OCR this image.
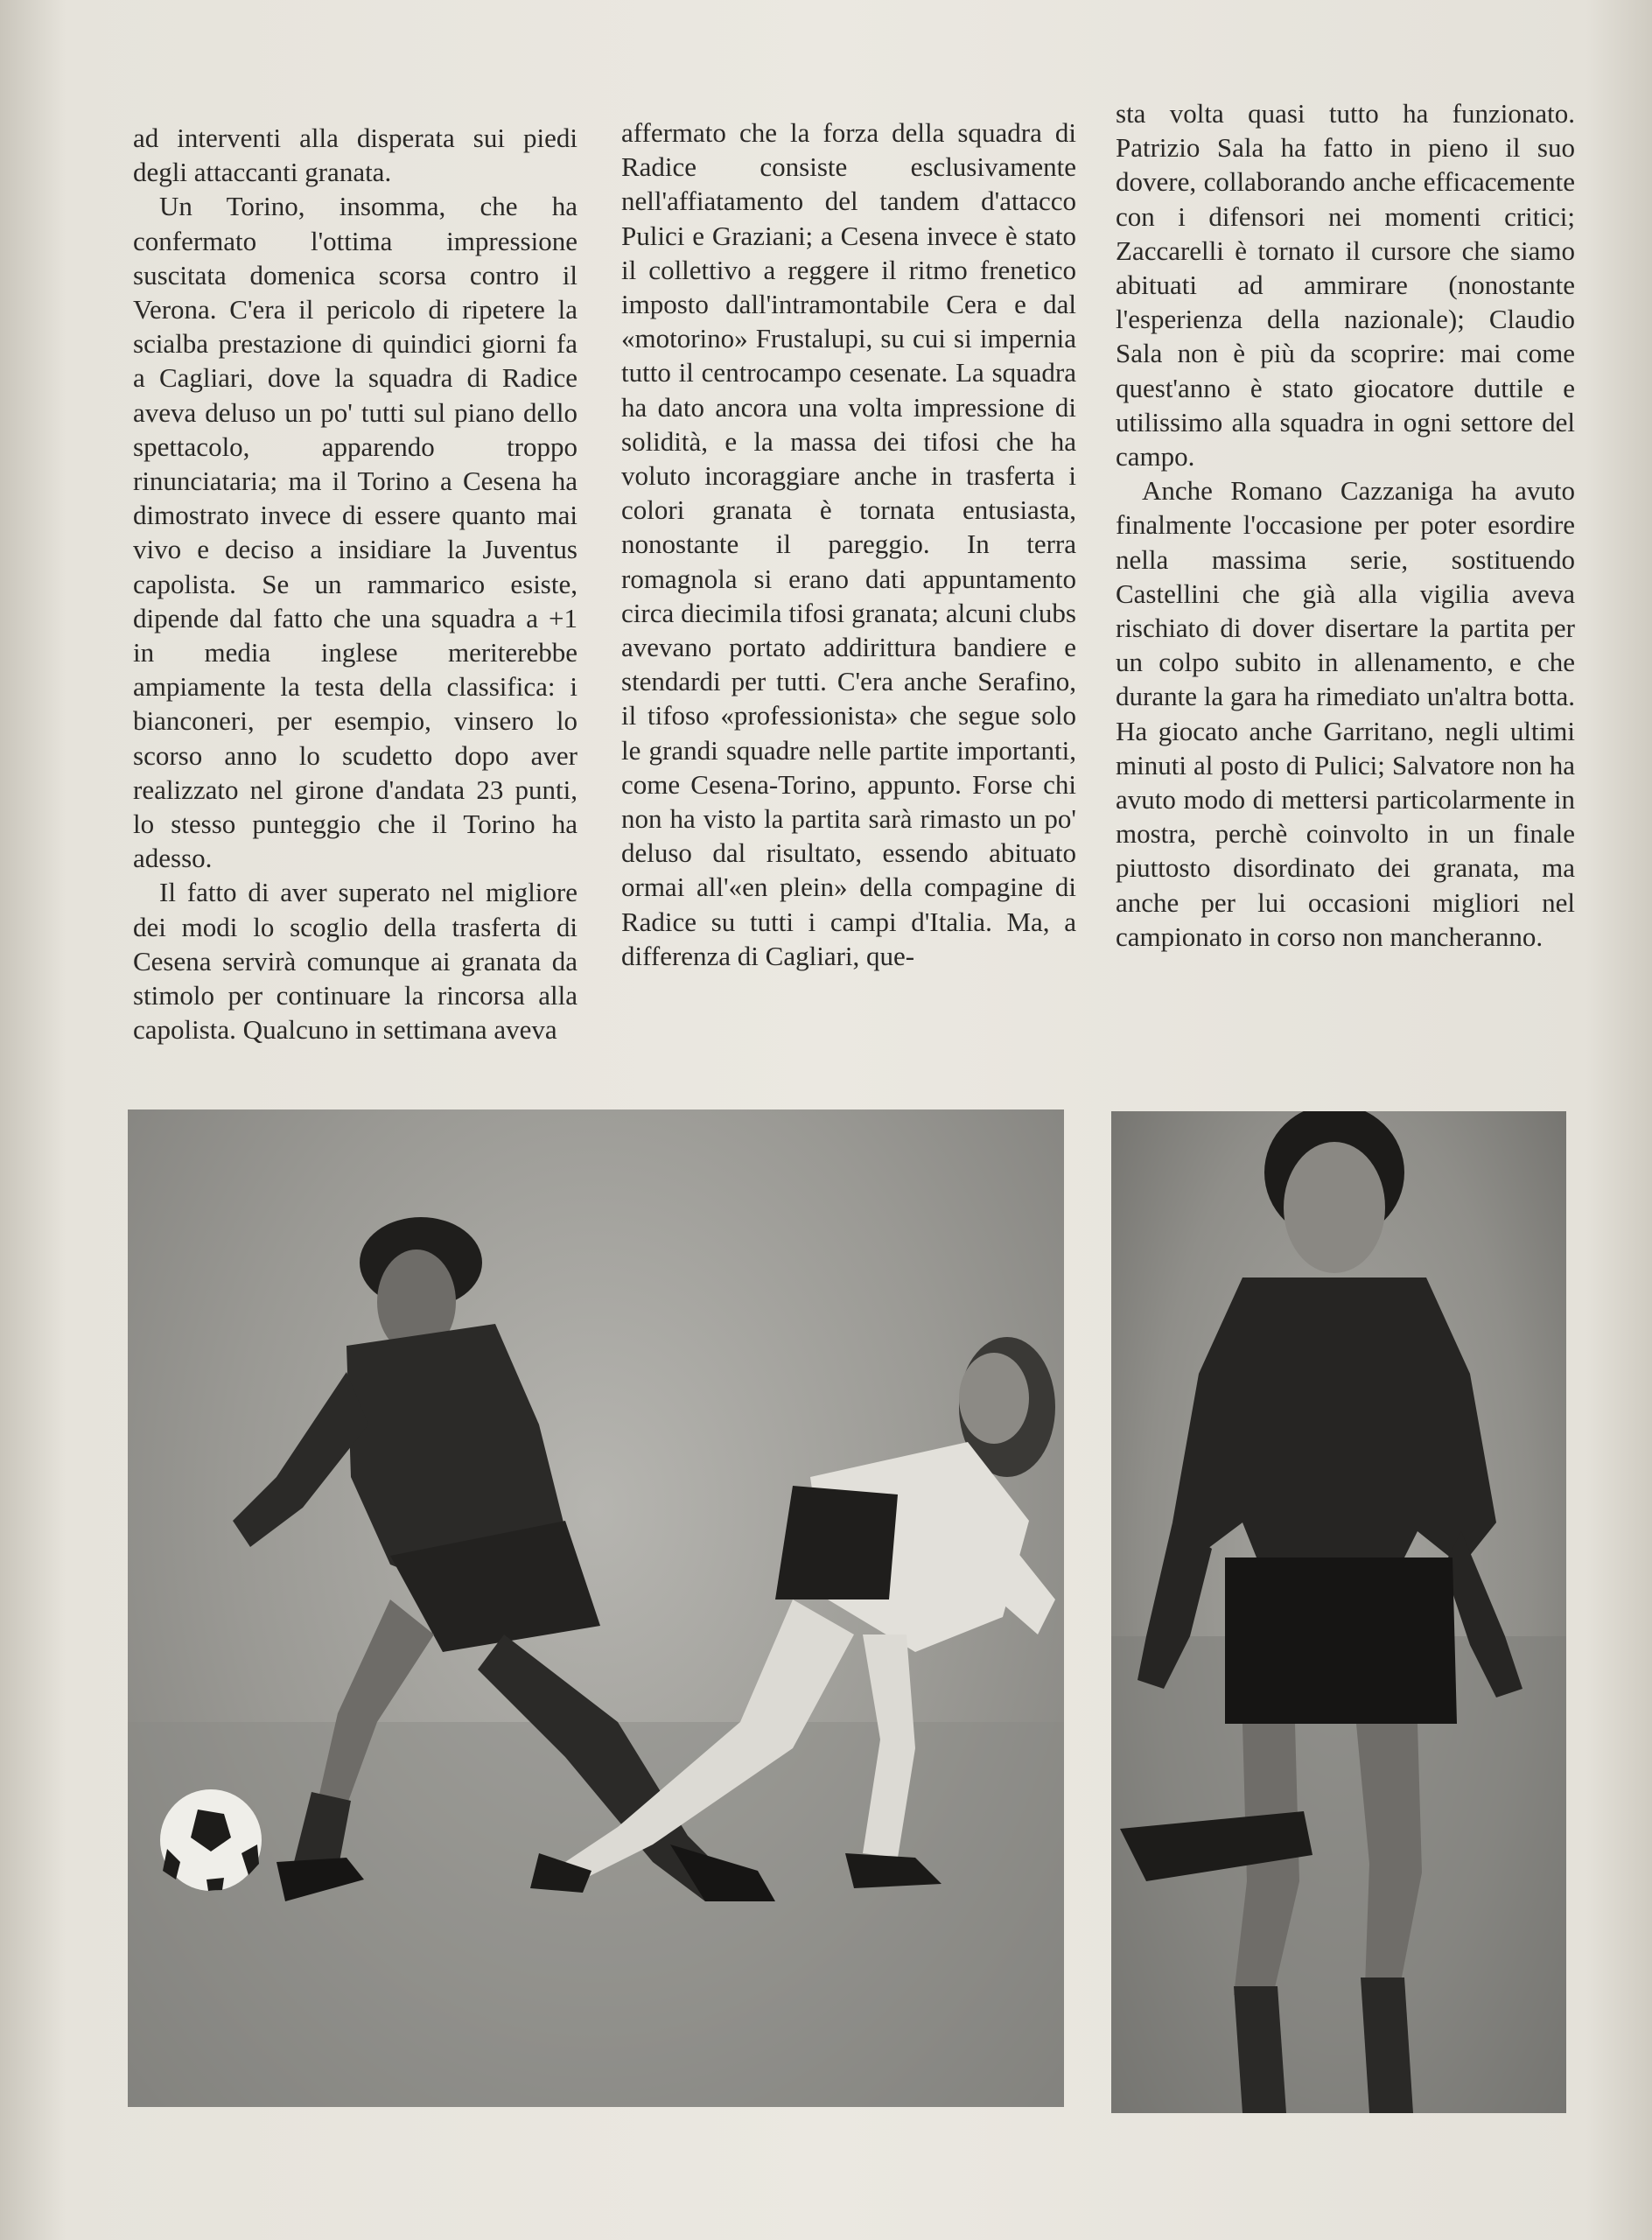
ad interventi alla disperata sui piedi degli attaccanti granata.

Un Torino, insomma, che ha confermato l'ottima impressione suscitata domenica scorsa contro il Verona. C'era il pericolo di ripetere la scialba prestazione di quindici giorni fa a Cagliari, dove la squadra di Radice aveva deluso un po' tutti sul piano dello spettacolo, apparendo troppo rinunciataria; ma il Torino a Cesena ha dimostrato invece di essere quanto mai vivo e deciso a insidiare la Juventus capolista. Se un rammarico esiste, dipende dal fatto che una squadra a +1 in media inglese meriterebbe ampiamente la testa della classifica: i bianconeri, per esempio, vinsero lo scorso anno lo scudetto dopo aver realizzato nel girone d'andata 23 punti, lo stesso punteggio che il Torino ha adesso.

Il fatto di aver superato nel migliore dei modi lo scoglio della trasferta di Cesena servirà comunque ai granata da stimolo per continuare la rincorsa alla capolista. Qualcuno in settimana aveva

affermato che la forza della squadra di Radice consiste esclusivamente nell'affiatamento del tandem d'attacco Pulici e Graziani; a Cesena invece è stato il collettivo a reggere il ritmo frenetico imposto dall'intramontabile Cera e dal «motorino» Frustalupi, su cui si impernia tutto il centrocampo cesenate. La squadra ha dato ancora una volta impressione di solidità, e la massa dei tifosi che ha voluto incoraggiare anche in trasferta i colori granata è tornata entusiasta, nonostante il pareggio. In terra romagnola si erano dati appuntamento circa diecimila tifosi granata; alcuni clubs avevano portato addirittura bandiere e stendardi per tutti. C'era anche Serafino, il tifoso «professionista» che segue solo le grandi squadre nelle partite importanti, come Cesena-Torino, appunto. Forse chi non ha visto la partita sarà rimasto un po' deluso dal risultato, essendo abituato ormai all'«en plein» della compagine di Radice su tutti i campi d'Italia. Ma, a differenza di Cagliari, que-

sta volta quasi tutto ha funzionato. Patrizio Sala ha fatto in pieno il suo dovere, collaborando anche efficacemente con i difensori nei momenti critici; Zaccarelli è tornato il cursore che siamo abituati ad ammirare (nonostante l'esperienza della nazionale); Claudio Sala non è più da scoprire: mai come quest'anno è stato giocatore duttile e utilissimo alla squadra in ogni settore del campo.

Anche Romano Cazzaniga ha avuto finalmente l'occasione per poter esordire nella massima serie, sostituendo Castellini che già alla vigilia aveva rischiato di dover disertare la partita per un colpo subito in allenamento, e che durante la gara ha rimediato un'altra botta. Ha giocato anche Garritano, negli ultimi minuti al posto di Pulici; Salvatore non ha avuto modo di mettersi particolarmente in mostra, perchè coinvolto in un finale piuttosto disordinato dei granata, ma anche per lui occasioni migliori nel campionato in corso non mancheranno.
